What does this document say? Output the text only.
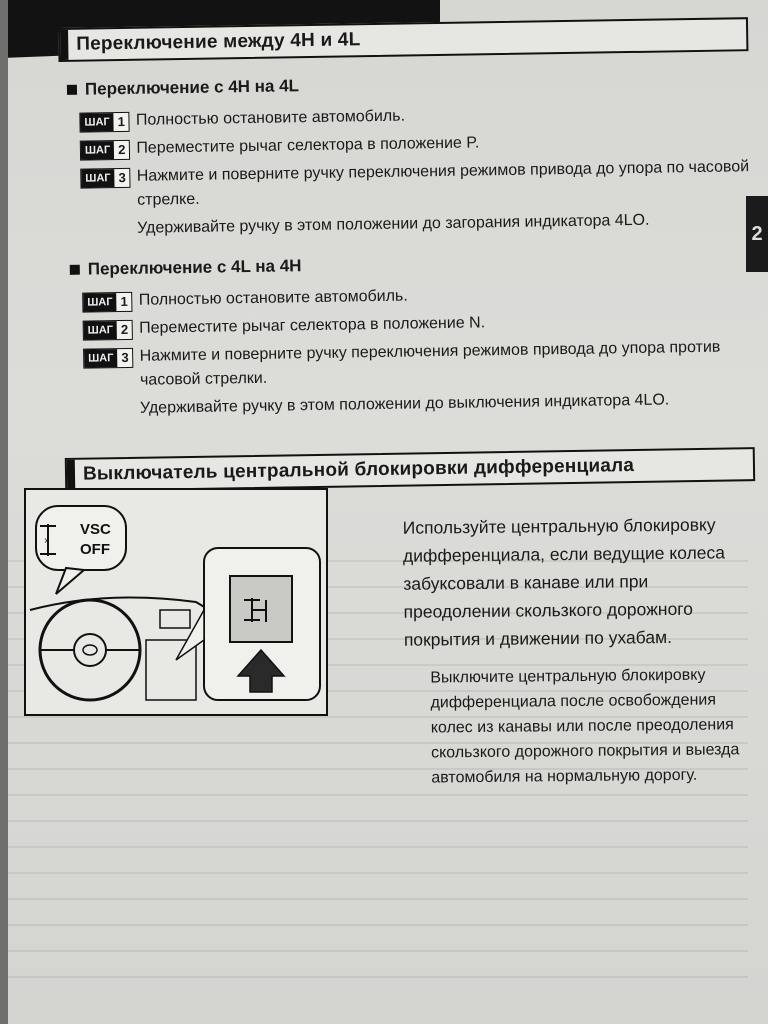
Переключение между 4H и 4L
Переключение с 4H на 4L
ШАГ 1 Полностью остановите автомобиль.
ШАГ 2 Переместите рычаг селектора в положение P.
ШАГ 3 Нажмите и поверните ручку переключения режимов привода до упора по часовой стрелке.
Удерживайте ручку в этом положении до загорания индикатора 4LO.
Переключение с 4L на 4H
ШАГ 1 Полностью остановите автомобиль.
ШАГ 2 Переместите рычаг селектора в положение N.
ШАГ 3 Нажмите и поверните ручку переключения режимов привода до упора против часовой стрелки.
Удерживайте ручку в этом положении до выключения индикатора 4LO.
Выключатель центральной блокировки дифференциала
×
VSC
OFF
Используйте центральную блокировку дифференциала, если ведущие колеса забуксовали в канаве или при преодолении скользкого дорожного покрытия и движении по ухабам.
Выключите центральную блокировку дифференциала после освобождения колес из канавы или после преодоления скользкого дорожного покрытия и выезда автомобиля на нормальную дорогу.
2
